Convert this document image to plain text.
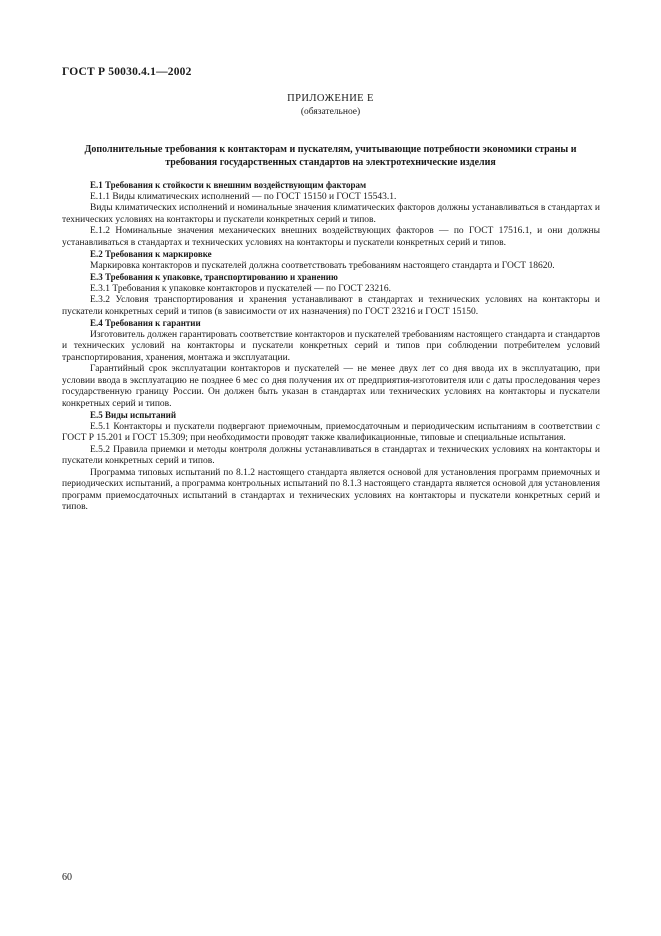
ГОСТ Р 50030.4.1—2002
ПРИЛОЖЕНИЕ Е
(обязательное)
Дополнительные требования к контакторам и пускателям, учитывающие потребности экономики страны и требования государственных стандартов на электротехнические изделия

Е.1 Требования к стойкости к внешним воздействующим факторам

Е.1.1 Виды климатических исполнений — по ГОСТ 15150 и ГОСТ 15543.1.

Виды климатических исполнений и номинальные значения климатических факторов должны устанавливаться в стандартах и технических условиях на контакторы и пускатели конкретных серий и типов.

Е.1.2 Номинальные значения механических внешних воздействующих факторов — по ГОСТ 17516.1, и они должны устанавливаться в стандартах и технических условиях на контакторы и пускатели конкретных серий и типов.

Е.2 Требования к маркировке

Маркировка контакторов и пускателей должна соответствовать требованиям настоящего стандарта и ГОСТ 18620.

Е.3 Требования к упаковке, транспортированию и хранению

Е.3.1 Требования к упаковке контакторов и пускателей — по ГОСТ 23216.

Е.3.2 Условия транспортирования и хранения устанавливают в стандартах и технических условиях на контакторы и пускатели конкретных серий и типов (в зависимости от их назначения) по ГОСТ 23216 и ГОСТ 15150.

Е.4 Требования к гарантии

Изготовитель должен гарантировать соответствие контакторов и пускателей требованиям настоящего стандарта и стандартов и технических условий на контакторы и пускатели конкретных серий и типов при соблюдении потребителем условий транспортирования, хранения, монтажа и эксплуатации.

Гарантийный срок эксплуатации контакторов и пускателей — не менее двух лет со дня ввода их в эксплуатацию, при условии ввода в эксплуатацию не позднее 6 мес со дня получения их от предприятия-изготовителя или с даты проследования через государственную границу России. Он должен быть указан в стандартах или технических условиях на контакторы и пускатели конкретных серий и типов.

Е.5 Виды испытаний

Е.5.1 Контакторы и пускатели подвергают приемочным, приемосдаточным и периодическим испытаниям в соответствии с ГОСТ Р 15.201 и ГОСТ 15.309; при необходимости проводят также квалификационные, типовые и специальные испытания.

Е.5.2 Правила приемки и методы контроля должны устанавливаться в стандартах и технических условиях на контакторы и пускатели конкретных серий и типов.

Программа типовых испытаний по 8.1.2 настоящего стандарта является основой для установления программ приемочных и периодических испытаний, а программа контрольных испытаний по 8.1.3 настоящего стандарта является основой для установления программ приемосдаточных испытаний в стандартах и технических условиях на контакторы и пускатели конкретных серий и типов.

60
